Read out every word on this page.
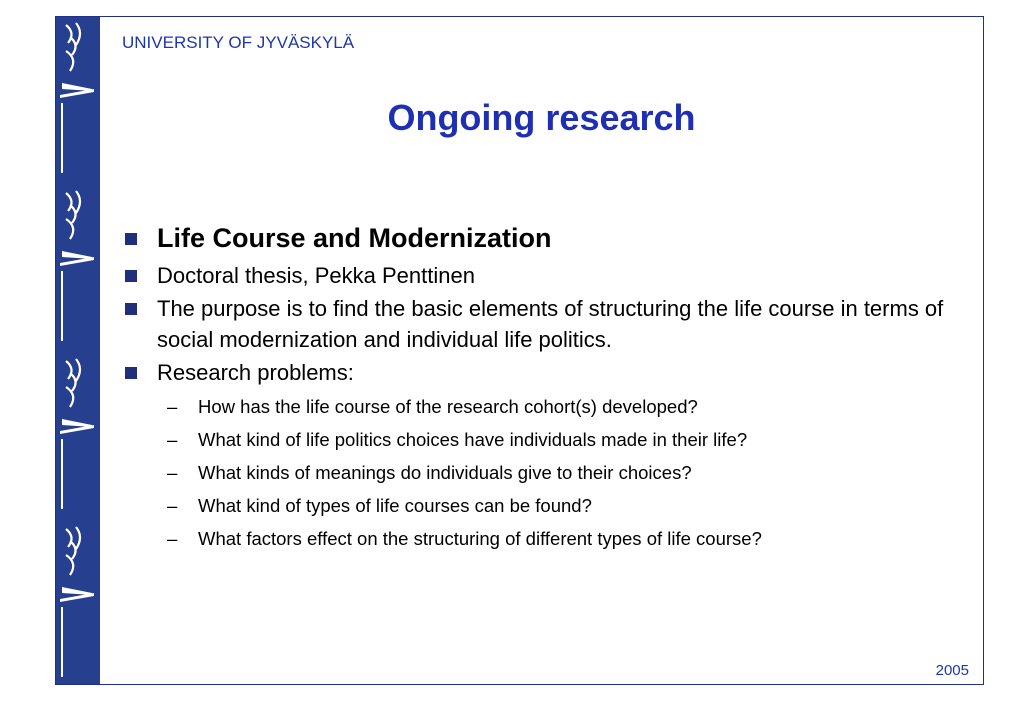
UNIVERSITY OF JYVÄSKYLÄ
Ongoing research
Life Course and Modernization
Doctoral thesis, Pekka Penttinen
The purpose is to find the basic elements of structuring the life course in terms of social modernization and individual life politics.
Research problems:
– How has the life course of the research cohort(s) developed?
– What kind of life politics choices have individuals made in their life?
– What kinds of meanings do individuals give to their choices?
– What kind of types of life courses can be found?
– What factors effect on the structuring of different types of life course?
2005
